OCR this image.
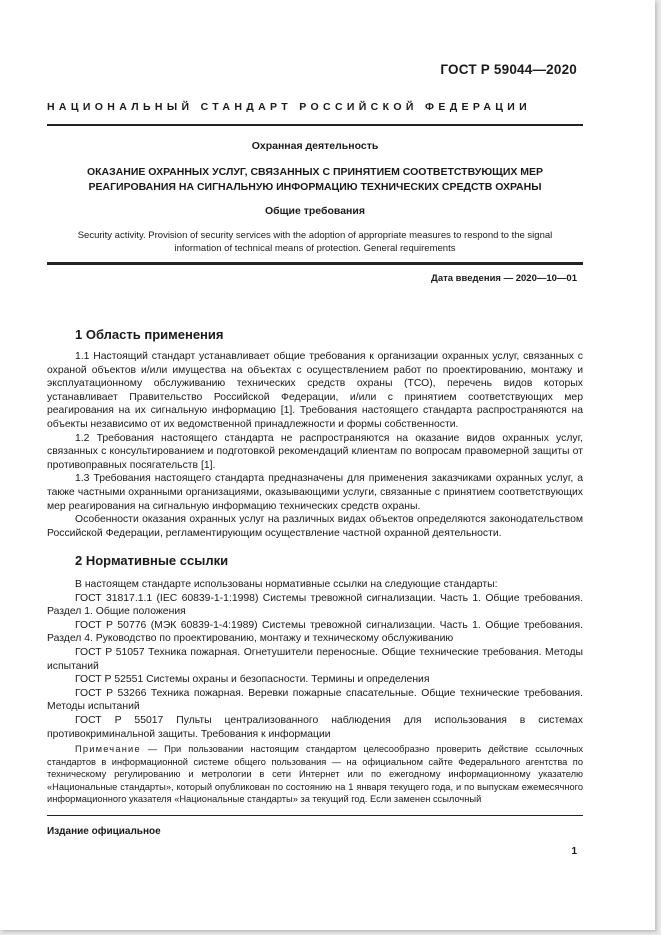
ГОСТ Р 59044—2020
НАЦИОНАЛЬНЫЙ СТАНДАРТ РОССИЙСКОЙ ФЕДЕРАЦИИ
Охранная деятельность
ОКАЗАНИЕ ОХРАННЫХ УСЛУГ, СВЯЗАННЫХ С ПРИНЯТИЕМ СООТВЕТСТВУЮЩИХ МЕР
РЕАГИРОВАНИЯ НА СИГНАЛЬНУЮ ИНФОРМАЦИЮ ТЕХНИЧЕСКИХ СРЕДСТВ ОХРАНЫ
Общие требования
Security activity. Provision of security services with the adoption of appropriate measures to respond to the signal
information of technical means of protection. General requirements
Дата введения — 2020—10—01
1 Область применения

1.1 Настоящий стандарт устанавливает общие требования к организации охранных услуг, связанных с охраной объектов и/или имущества на объектах с осуществлением работ по проектированию, монтажу и эксплуатационному обслуживанию технических средств охраны (ТСО), перечень видов которых устанавливает Правительство Российской Федерации, и/или с принятием соответствующих мер реагирования на их сигнальную информацию [1]. Требования настоящего стандарта распространяются на объекты независимо от их ведомственной принадлежности и формы собственности.

1.2 Требования настоящего стандарта не распространяются на оказание видов охранных услуг, связанных с консультированием и подготовкой рекомендаций клиентам по вопросам правомерной защиты от противоправных посягательств [1].

1.3 Требования настоящего стандарта предназначены для применения заказчиками охранных услуг, а также частными охранными организациями, оказывающими услуги, связанные с принятием соответствующих мер реагирования на сигнальную информацию технических средств охраны.

Особенности оказания охранных услуг на различных видах объектов определяются законодательством Российской Федерации, регламентирующим осуществление частной охранной деятельности.

2 Нормативные ссылки

В настоящем стандарте использованы нормативные ссылки на следующие стандарты:

ГОСТ 31817.1.1 (IEC 60839-1-1:1998) Системы тревожной сигнализации. Часть 1. Общие требования. Раздел 1. Общие положения

ГОСТ Р 50776 (МЭК 60839-1-4:1989) Системы тревожной сигнализации. Часть 1. Общие требования. Раздел 4. Руководство по проектированию, монтажу и техническому обслуживанию

ГОСТ Р 51057 Техника пожарная. Огнетушители переносные. Общие технические требования. Методы испытаний

ГОСТ Р 52551 Системы охраны и безопасности. Термины и определения

ГОСТ Р 53266 Техника пожарная. Веревки пожарные спасательные. Общие технические требования. Методы испытаний

ГОСТ Р 55017 Пульты централизованного наблюдения для использования в системах противокриминальной защиты. Требования к информации

Примечание — При пользовании настоящим стандартом целесообразно проверить действие ссылочных стандартов в информационной системе общего пользования — на официальном сайте Федерального агентства по техническому регулированию и метрологии в сети Интернет или по ежегодному информационному указателю «Национальные стандарты», который опубликован по состоянию на 1 января текущего года, и по выпускам ежемесячного информационного указателя «Национальные стандарты» за текущий год. Если заменен ссылочный

Издание официальное
1
